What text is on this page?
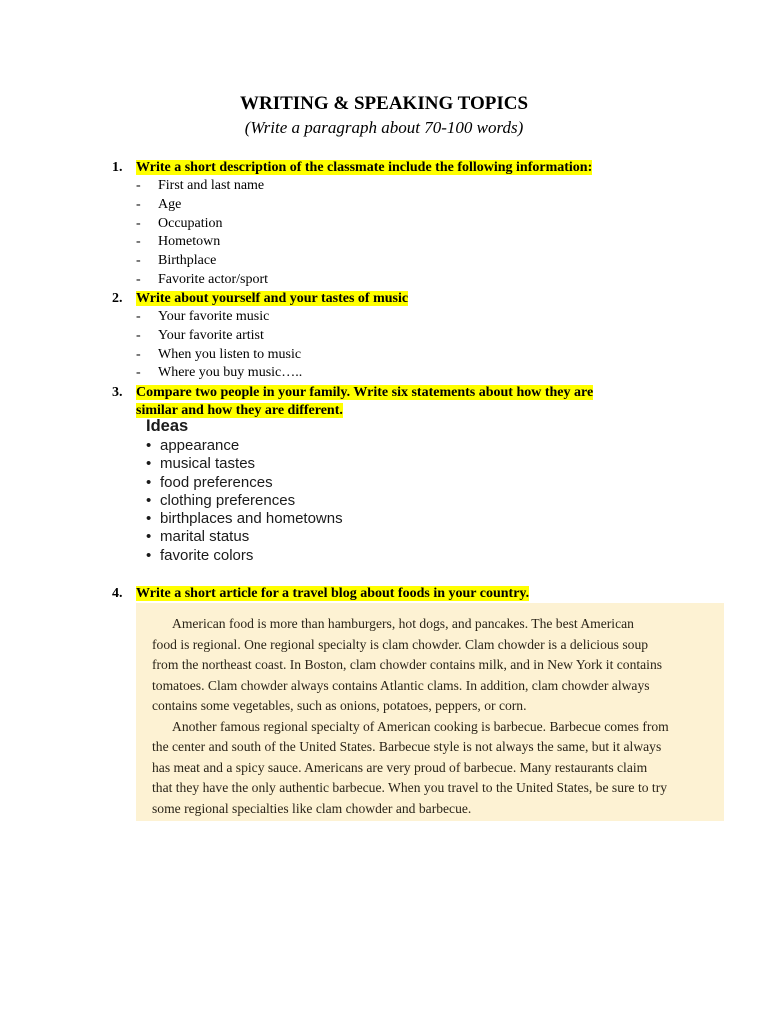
WRITING & SPEAKING TOPICS
(Write a paragraph about 70-100 words)
1. Write a short description of the classmate include the following information:
- First and last name
- Age
- Occupation
- Hometown
- Birthplace
- Favorite actor/sport
2. Write about yourself and your tastes of music
- Your favorite music
- Your favorite artist
- When you listen to music
- Where you buy music…..
3. Compare two people in your family. Write six statements about how they are
similar and how they are different.
Ideas
• appearance
• musical tastes
• food preferences
• clothing preferences
• birthplaces and hometowns
• marital status
• favorite colors
4. Write a short article for a travel blog about foods in your country.
American food is more than hamburgers, hot dogs, and pancakes. The best American
food is regional. One regional specialty is clam chowder. Clam chowder is a delicious soup
from the northeast coast. In Boston, clam chowder contains milk, and in New York it contains
tomatoes. Clam chowder always contains Atlantic clams. In addition, clam chowder always
contains some vegetables, such as onions, potatoes, peppers, or corn.
Another famous regional specialty of American cooking is barbecue. Barbecue comes from
the center and south of the United States. Barbecue style is not always the same, but it always
has meat and a spicy sauce. Americans are very proud of barbecue. Many restaurants claim
that they have the only authentic barbecue. When you travel to the United States, be sure to try
some regional specialties like clam chowder and barbecue.
